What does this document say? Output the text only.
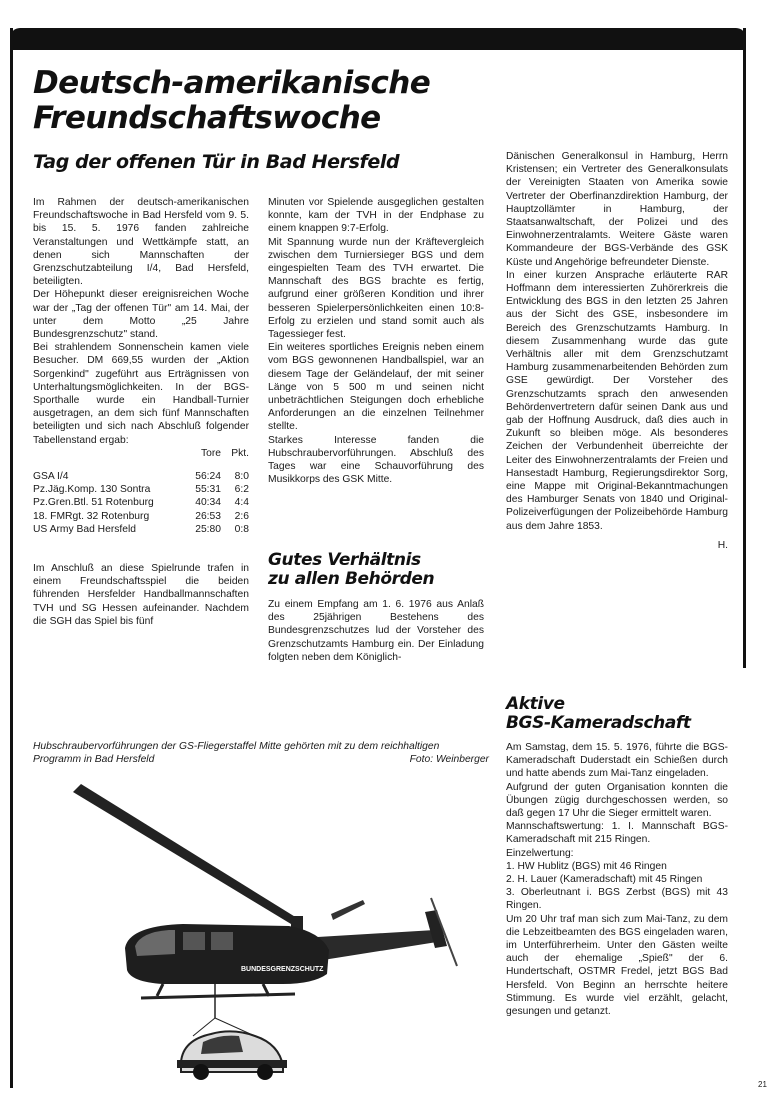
Deutsch-amerikanische
Freundschaftswoche
Tag der offenen Tür in Bad Hersfeld

Im Rahmen der deutsch-amerikanischen Freundschaftswoche in Bad Hersfeld vom 9. 5. bis 15. 5. 1976 fanden zahlreiche Veranstaltungen und Wettkämpfe statt, an denen sich Mannschaften der Grenzschutzabteilung I/4, Bad Hersfeld, beteiligten.

Der Höhepunkt dieser ereignisreichen Woche war der „Tag der offenen Tür" am 14. Mai, der unter dem Motto „25 Jahre Bundesgrenzschutz" stand.

Bei strahlendem Sonnenschein kamen viele Besucher. DM 669,55 wurden der „Aktion Sorgenkind" zugeführt aus Erträgnissen von Unterhaltungsmöglichkeiten. In der BGS-Sporthalle wurde ein Handball-Turnier ausgetragen, an dem sich fünf Mannschaften beteiligten und sich nach Abschluß folgender Tabellenstand ergab:

	Tore	Pkt.

GSA I/4	56:24	8:0
Pz.Jäg.Komp. 130 Sontra	55:31	6:2
Pz.Gren.Btl. 51 Rotenburg	40:34	4:4
18. FMRgt. 32 Rotenburg	26:53	2:6
US Army Bad Hersfeld	25:80	0:8

Im Anschluß an diese Spielrunde trafen in einem Freundschaftsspiel die beiden führenden Hersfelder Handballmannschaften TVH und SG Hessen aufeinander. Nachdem die SGH das Spiel bis fünf

Minuten vor Spielende ausgeglichen gestalten konnte, kam der TVH in der Endphase zu einem knappen 9:7-Erfolg.

Mit Spannung wurde nun der Kräftevergleich zwischen dem Turniersieger BGS und dem eingespielten Team des TVH erwartet. Die Mannschaft des BGS brachte es fertig, aufgrund einer größeren Kondition und ihrer besseren Spielerpersönlichkeiten einen 10:8-Erfolg zu erzielen und stand somit auch als Tagessieger fest.

Ein weiteres sportliches Ereignis neben einem vom BGS gewonnenen Handballspiel, war an diesem Tage der Geländelauf, der mit seiner Länge von 5 500 m und seinen nicht unbeträchtlichen Steigungen doch erhebliche Anforderungen an die einzelnen Teilnehmer stellte.

Starkes Interesse fanden die Hubschraubervorführungen. Abschluß des Tages war eine Schauvorführung des Musikkorps des GSK Mitte.

Gutes Verhältnis
zu allen Behörden

Zu einem Empfang am 1. 6. 1976 aus Anlaß des 25jährigen Bestehens des Bundesgrenzschutzes lud der Vorsteher des Grenzschutzamts Hamburg ein. Der Einladung folgten neben dem Königlich-

Dänischen Generalkonsul in Hamburg, Herrn Kristensen; ein Vertreter des Generalkonsulats der Vereinigten Staaten von Amerika sowie Vertreter der Oberfinanzdirektion Hamburg, der Hauptzollämter in Hamburg, der Staatsanwaltschaft, der Polizei und des Einwohnerzentralamts. Weitere Gäste waren Kommandeure der BGS-Verbände des GSK Küste und Angehörige befreundeter Dienste.

In einer kurzen Ansprache erläuterte RAR Hoffmann dem interessierten Zuhörerkreis die Entwicklung des BGS in den letzten 25 Jahren aus der Sicht des GSE, insbesondere im Bereich des Grenzschutzamts Hamburg. In diesem Zusammenhang wurde das gute Verhältnis aller mit dem Grenzschutzamt Hamburg zusammenarbeitenden Behörden zum GSE gewürdigt. Der Vorsteher des Grenzschutzamts sprach den anwesenden Behördenvertretern dafür seinen Dank aus und gab der Hoffnung Ausdruck, daß dies auch in Zukunft so bleiben möge. Als besonderes Zeichen der Verbundenheit überreichte der Leiter des Einwohnerzentralamts der Freien und Hansestadt Hamburg, Regierungsdirektor Sorg, eine Mappe mit Original-Bekanntmachungen des Hamburger Senats von 1840 und Original-Polizeiverfügungen der Polizeibehörde Hamburg aus dem Jahre 1853.

H.

Aktive
BGS-Kameradschaft

Am Samstag, dem 15. 5. 1976, führte die BGS-Kameradschaft Duderstadt ein Schießen durch und hatte abends zum Mai-Tanz eingeladen.

Aufgrund der guten Organisation konnten die Übungen zügig durchgeschossen werden, so daß gegen 17 Uhr die Sieger ermittelt waren.

Mannschaftswertung: 1. I. Mannschaft BGS-Kameradschaft mit 215 Ringen.

Einzelwertung:

1. HW Hublitz (BGS) mit 46 Ringen

2. H. Lauer (Kameradschaft) mit 45 Ringen

3. Oberleutnant i. BGS Zerbst (BGS) mit 43 Ringen.

Um 20 Uhr traf man sich zum Mai-Tanz, zu dem die Lebzeitbeamten des BGS eingeladen waren, im Unterführerheim. Unter den Gästen weilte auch der ehemalige „Spieß" der 6. Hundertschaft, OSTMR Fredel, jetzt BGS Bad Hersfeld. Von Beginn an herrschte heitere Stimmung. Es wurde viel erzählt, gelacht, gesungen und getanzt.

Hubschraubervorführungen der GS-Fliegerstaffel Mitte gehörten mit zu dem reichhaltigen Programm in Bad Hersfeld	Foto: Weinberger

BUNDESGRENZSCHUTZ
21
